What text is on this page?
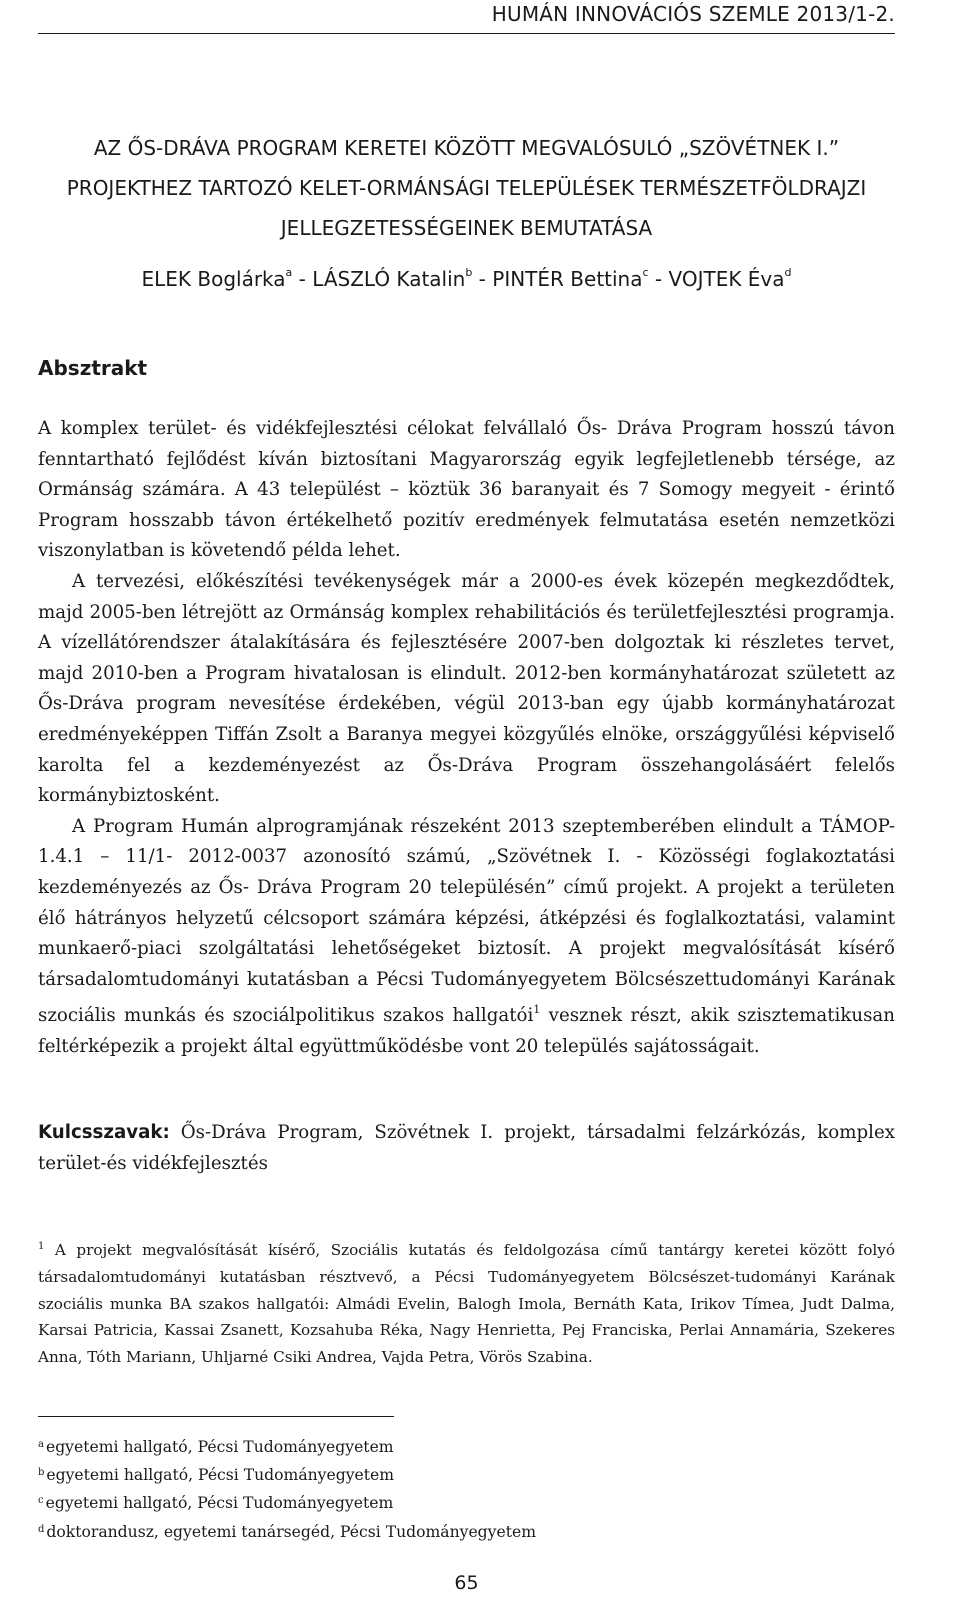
HUMÁN INNOVÁCIÓS SZEMLE 2013/1-2.
AZ ŐS-DRÁVA PROGRAM KERETEI KÖZÖTT MEGVALÓSULÓ „SZÖVÉTNEK I.”
PROJEKTHEZ TARTOZÓ KELET-ORMÁNSÁGI TELEPÜLÉSEK TERMÉSZETFÖLDRAJZI
JELLEGZETESSÉGEINEK BEMUTATÁSA
ELEK Boglárka$^a$ - LÁSZLÓ Katalin$^b$ - PINTÉR Bettina$^c$ - VOJTEK Éva$^d$
Absztrakt

A komplex terület- és vidékfejlesztési célokat felvállaló Ős- Dráva Program hosszú távon fenntartható fejlődést kíván biztosítani Magyarország egyik legfejletlenebb térsége, az Ormánság számára. A 43 települést – köztük 36 baranyait és 7 Somogy megyeit - érintő Program hosszabb távon értékelhető pozitív eredmények felmutatása esetén nemzetközi viszonylatban is követendő példa lehet.

A tervezési, előkészítési tevékenységek már a 2000-es évek közepén megkezdődtek, majd 2005-ben létrejött az Ormánság komplex rehabilitációs és területfejlesztési programja. A vízellátórendszer átalakítására és fejlesztésére 2007-ben dolgoztak ki részletes tervet, majd 2010-ben a Program hivatalosan is elindult. 2012-ben kormányhatározat született az Ős-Dráva program nevesítése érdekében, végül 2013-ban egy újabb kormányhatározat eredményeképpen Tiffán Zsolt a Baranya megyei közgyűlés elnöke, országgyűlési képviselő karolta fel a kezdeményezést az Ős-Dráva Program összehangolásáért felelős kormánybiztosként.

A Program Humán alprogramjának részeként 2013 szeptemberében elindult a TÁMOP- 1.4.1 – 11/1- 2012-0037 azonosító számú, „Szövétnek I. - Közösségi foglakoztatási kezdeményezés az Ős- Dráva Program 20 településén” című projekt. A projekt a területen élő hátrányos helyzetű célcsoport számára képzési, átképzési és foglalkoztatási, valamint munkaerő-piaci szolgáltatási lehetőségeket biztosít. A projekt megvalósítását kísérő társadalomtudományi kutatásban a Pécsi Tudományegyetem Bölcsészettudományi Karának szociális munkás és szociálpolitikus szakos hallgatói$^1$ vesznek részt, akik szisztematikusan feltérképezik a projekt által együttműködésbe vont 20 település sajátosságait.

Kulcsszavak: Ős-Dráva Program, Szövétnek I. projekt, társadalmi felzárkózás, komplex terület-és vidékfejlesztés
$^1$ A projekt megvalósítását kísérő, Szociális kutatás és feldolgozása című tantárgy keretei között folyó társadalomtudományi kutatásban résztvevő, a Pécsi Tudományegyetem Bölcsészet-tudományi Karának szociális munka BA szakos hallgatói: Almádi Evelin, Balogh Imola, Bernáth Kata, Irikov Tímea, Judt Dalma, Karsai Patricia, Kassai Zsanett, Kozsahuba Réka, Nagy Henrietta, Pej Franciska, Perlai Annamária, Szekeres Anna, Tóth Mariann, Uhljarné Csiki Andrea, Vajda Petra, Vörös Szabina.
$^a$ egyetemi hallgató, Pécsi Tudományegyetem
$^b$ egyetemi hallgató, Pécsi Tudományegyetem
$^c$ egyetemi hallgató, Pécsi Tudományegyetem
$^d$ doktorandusz, egyetemi tanársegéd, Pécsi Tudományegyetem
65
